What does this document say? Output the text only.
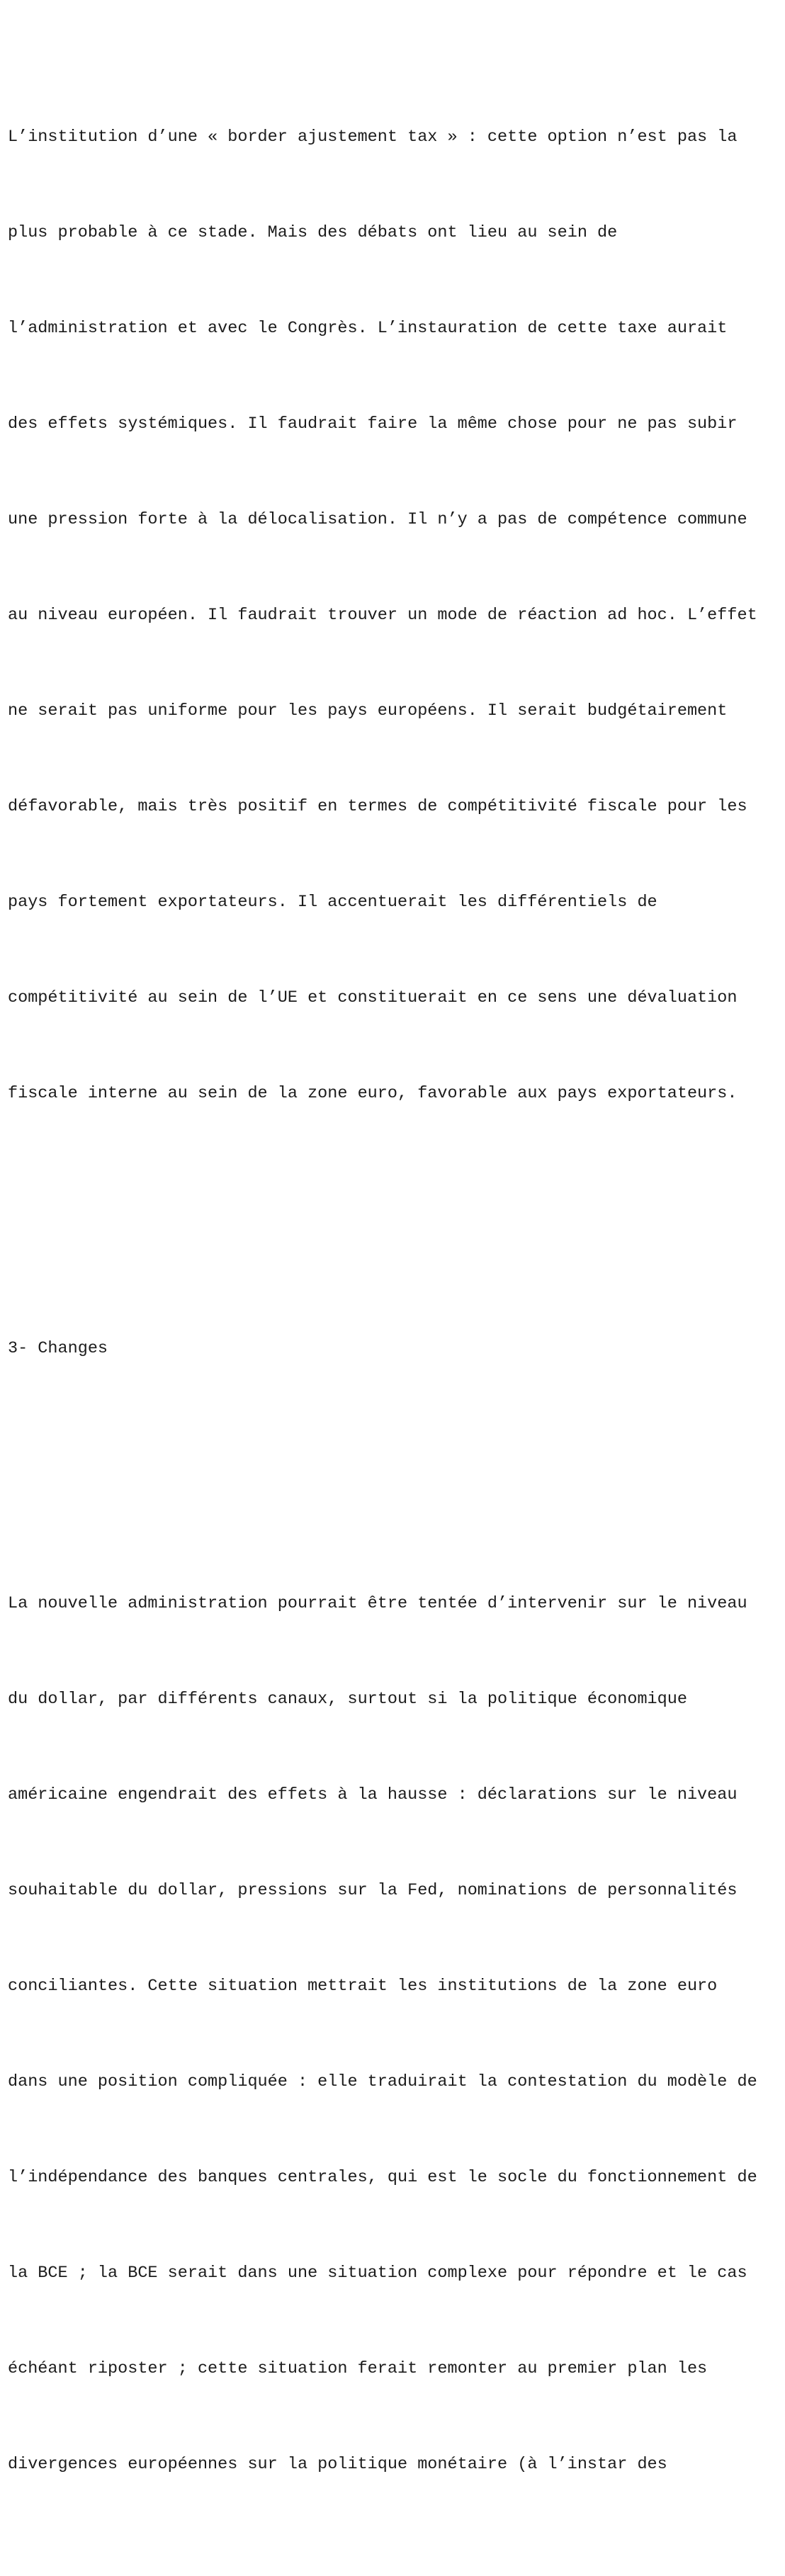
L’institution d’une « border ajustement tax » : cette option n’est pas la

plus probable à ce stade. Mais des débats ont lieu au sein de

l’administration et avec le Congrès. L’instauration de cette taxe aurait

des effets systémiques. Il faudrait faire la même chose pour ne pas subir

une pression forte à la délocalisation. Il n’y a pas de compétence commune

au niveau européen. Il faudrait trouver un mode de réaction ad hoc. L’effet

ne serait pas uniforme pour les pays européens. Il serait budgétairement

défavorable, mais très positif en termes de compétitivité fiscale pour les

pays fortement exportateurs. Il accentuerait les différentiels de

compétitivité au sein de l’UE et constituerait en ce sens une dévaluation

fiscale interne au sein de la zone euro, favorable aux pays exportateurs.

3- Changes

La nouvelle administration pourrait être tentée d’intervenir sur le niveau

du dollar, par différents canaux, surtout si la politique économique

américaine engendrait des effets à la hausse : déclarations sur le niveau

souhaitable du dollar, pressions sur la Fed, nominations de personnalités

conciliantes. Cette situation mettrait les institutions de la zone euro

dans une position compliquée : elle traduirait la contestation du modèle de

l’indépendance des banques centrales, qui est le socle du fonctionnement de

la BCE ; la BCE serait dans une situation complexe pour répondre et le cas

échéant riposter ; cette situation ferait remonter au premier plan les

divergences européennes sur la politique monétaire (à l’instar des
